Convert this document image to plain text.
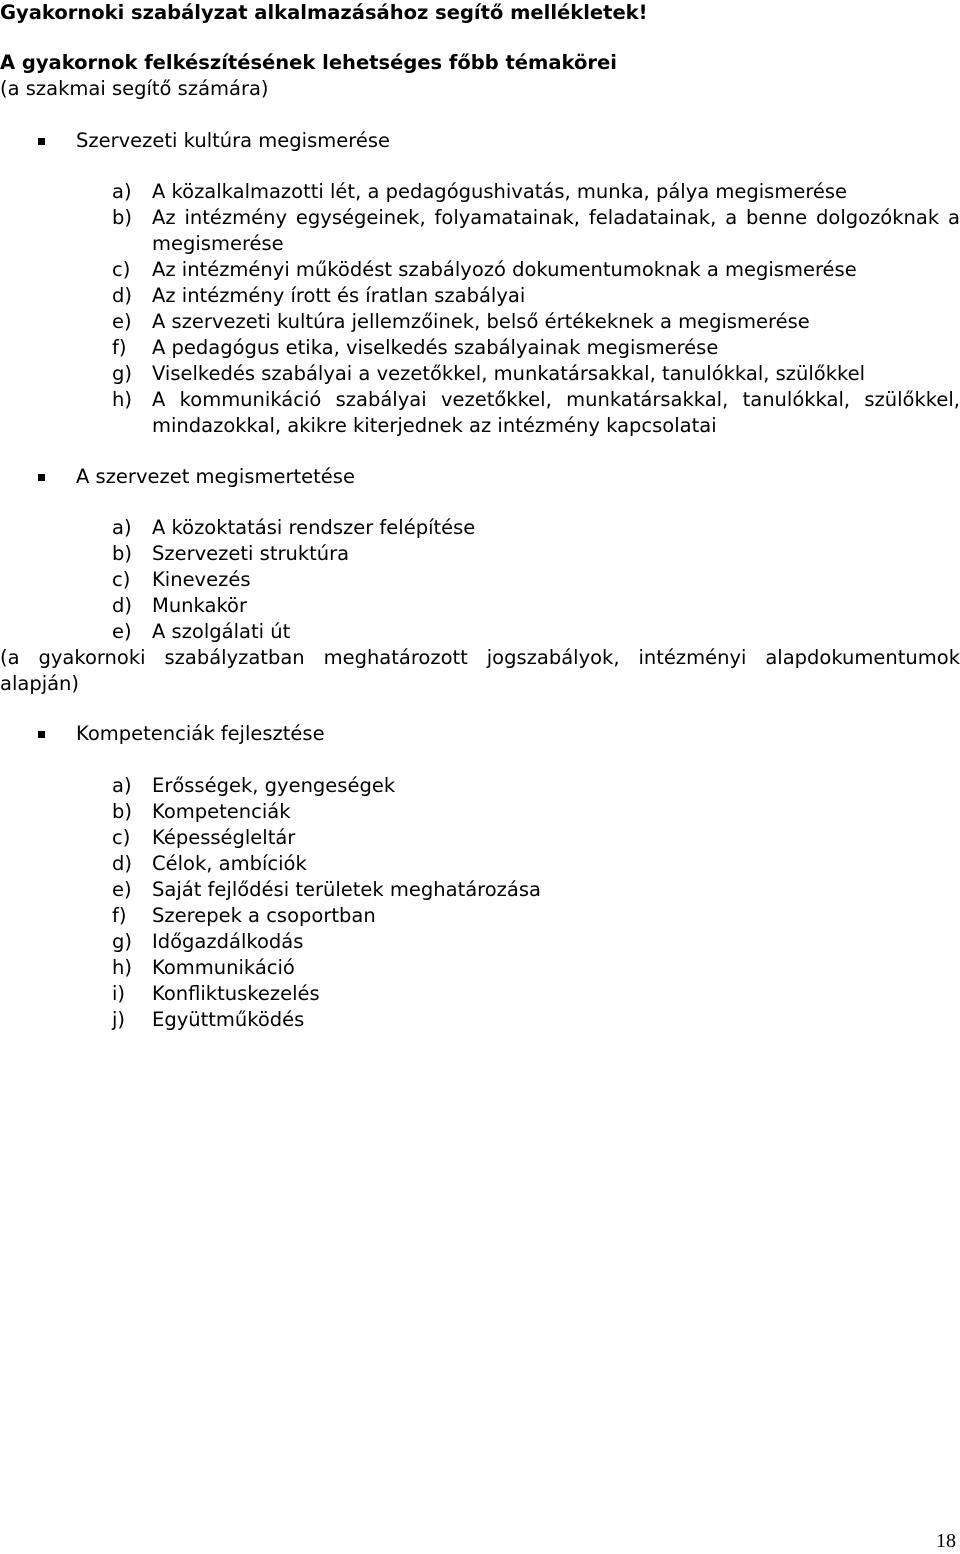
Gyakornoki szabályzat alkalmazásához segítő mellékletek!
A gyakornok felkészítésének lehetséges főbb témakörei
(a szakmai segítő számára)
Szervezeti kultúra megismerése
a) A közalkalmazotti lét, a pedagógushivatás, munka, pálya megismerése
b) Az intézmény egységeinek, folyamatainak, feladatainak, a benne dolgozóknak a megismerése
c) Az intézményi működést szabályozó dokumentumoknak a megismerése
d) Az intézmény írott és íratlan szabályai
e) A szervezeti kultúra jellemzőinek, belső értékeknek a megismerése
f) A pedagógus etika, viselkedés szabályainak megismerése
g) Viselkedés szabályai a vezetőkkel, munkatársakkal, tanulókkal, szülőkkel
h) A kommunikáció szabályai vezetőkkel, munkatársakkal, tanulókkal, szülőkkel, mindazokkal, akikre kiterjednek az intézmény kapcsolatai
A szervezet megismertetése
a) A közoktatási rendszer felépítése
b) Szervezeti struktúra
c) Kinevezés
d) Munkakör
e) A szolgálati út
(a gyakornoki szabályzatban meghatározott jogszabályok, intézményi alapdokumentumok alapján)
Kompetenciák fejlesztése
a) Erősségek, gyengeségek
b) Kompetenciák
c) Képességleltár
d) Célok, ambíciók
e) Saját fejlődési területek meghatározása
f) Szerepek a csoportban
g) Időgazdálkodás
h) Kommunikáció
i) Konfliktuskezelés
j) Együttműködés
18
